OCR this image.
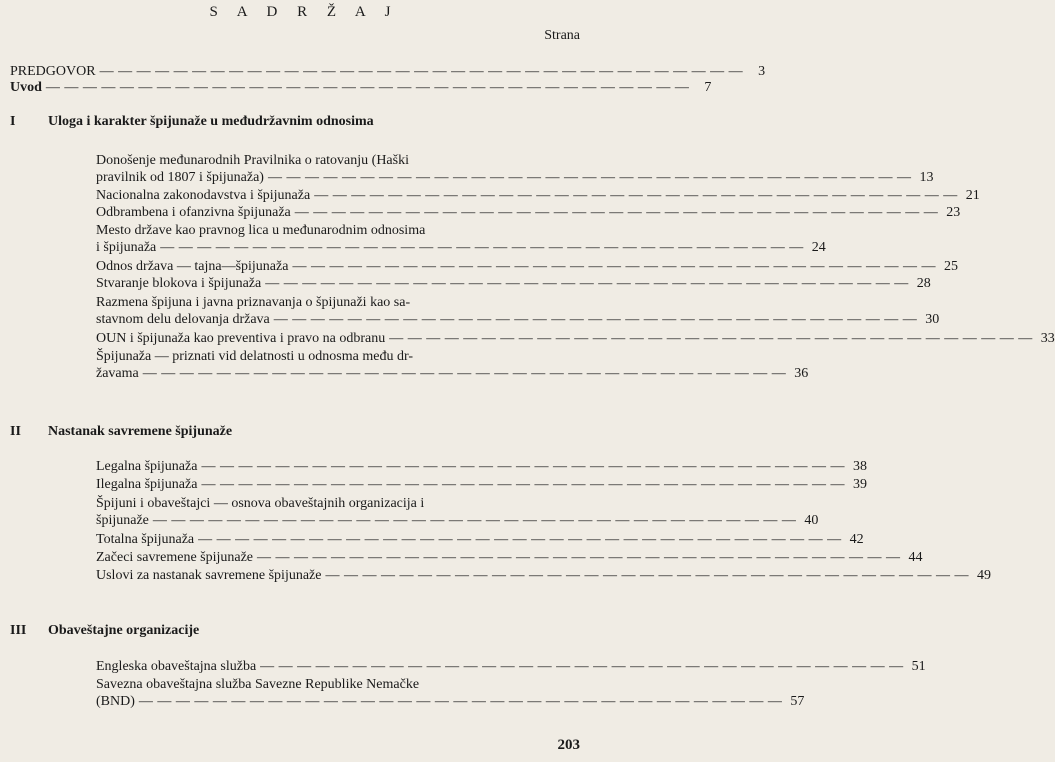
S A D R Ž A J
Strana
PREDGOVOR — — — — — — — — — — — — — — — — — — — — — — — — — — — — — — — — — — —	3
Uvod — — — — — — — — — — — — — — — — — — — — — — — — — — — — — — — — — — —	7
I Uloga i karakter špijunaže u međudržavnim odnosima
Donošenje međunarodnih Pravilnika o ratovanju (Haški
pravilnik od 1807 i špijunaža) — — — — — — — — — — — — — — — — — — — — — — — — — — — — — — — — — — — 13
Nacionalna zakonodavstva i špijunaža — — — — — — — — — — — — — — — — — — — — — — — — — — — — — — — — — — — 21
Odbrambena i ofanzivna špijunaža — — — — — — — — — — — — — — — — — — — — — — — — — — — — — — — — — — — 23
Mesto države kao pravnog lica u međunarodnim odnosima
i špijunaža — — — — — — — — — — — — — — — — — — — — — — — — — — — — — — — — — — — 24
Odnos država — tajna—špijunaža — — — — — — — — — — — — — — — — — — — — — — — — — — — — — — — — — — — 25
Stvaranje blokova i špijunaža — — — — — — — — — — — — — — — — — — — — — — — — — — — — — — — — — — — 28
Razmena špijuna i javna priznavanja o špijunaži kao sa-
stavnom delu delovanja država — — — — — — — — — — — — — — — — — — — — — — — — — — — — — — — — — — — 30
OUN i špijunaža kao preventiva i pravo na odbranu — — — — — — — — — — — — — — — — — — — — — — — — — — — — — — — — — — — 33
Špijunaža — priznati vid delatnosti u odnosma među dr-
žavama — — — — — — — — — — — — — — — — — — — — — — — — — — — — — — — — — — — 36
II Nastanak savremene špijunaže
Legalna špijunaža — — — — — — — — — — — — — — — — — — — — — — — — — — — — — — — — — — — 38
Ilegalna špijunaža — — — — — — — — — — — — — — — — — — — — — — — — — — — — — — — — — — — 39
Špijuni i obaveštajci — osnova obaveštajnih organizacija i
špijunaže — — — — — — — — — — — — — — — — — — — — — — — — — — — — — — — — — — — 40
Totalna špijunaža — — — — — — — — — — — — — — — — — — — — — — — — — — — — — — — — — — — 42
Začeci savremene špijunaže — — — — — — — — — — — — — — — — — — — — — — — — — — — — — — — — — — — 44
Uslovi za nastanak savremene špijunaže — — — — — — — — — — — — — — — — — — — — — — — — — — — — — — — — — — — 49
III Obaveštajne organizacije
Engleska obaveštajna služba — — — — — — — — — — — — — — — — — — — — — — — — — — — — — — — — — — — 51
Savezna obaveštajna služba Savezne Republike Nemačke
(BND) — — — — — — — — — — — — — — — — — — — — — — — — — — — — — — — — — — — 57
203
